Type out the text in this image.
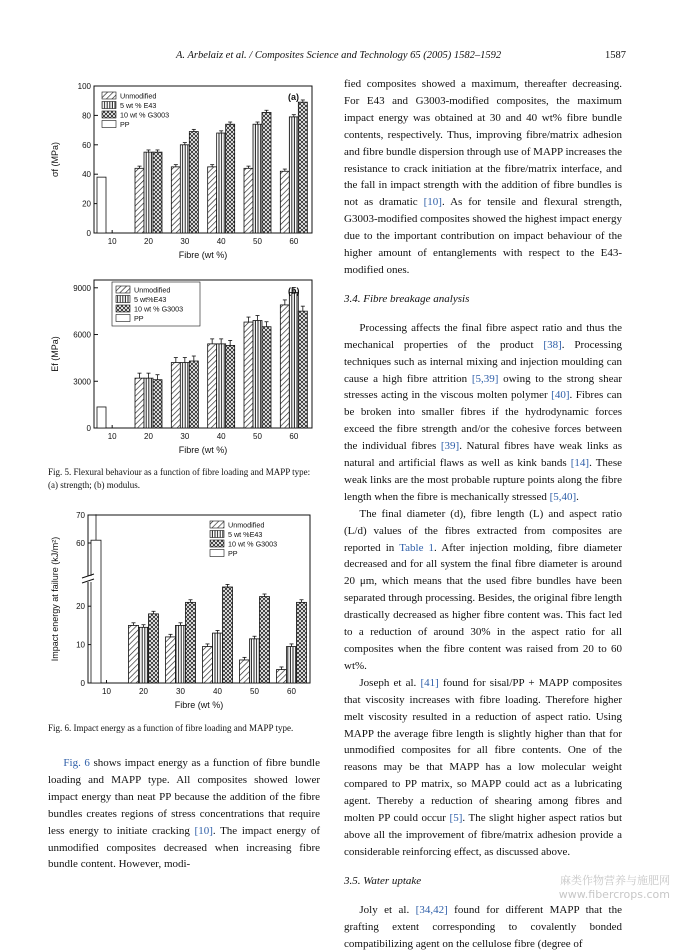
A. Arbelaiz et al. / Composites Science and Technology 65 (2005) 1582–1592	1587
0
20
40
60
80
100
10	20	30	40	50	60
Fibre (wt %)
σf (MPa)
(a)
Unmodified
5 wt % E43
10 wt % G3003
PP
0
3000
6000
9000
10	20	30	40	50	60
Fibre (wt %)
Ef (MPa)
(b)
Unmodified
5 wt%E43
10 wt % G3003
PP
Fig. 5. Flexural behaviour as a function of fibre loading and MAPP type: (a) strength; (b) modulus.
0
10
20
60
70
10	20	30	40	50	60
Fibre (wt %)
Impact energy at failure (kJ/m²)
Unmodified
5 wt %E43
10 wt % G3003
PP
Fig. 6. Impact energy as a function of fibre loading and MAPP type.

Fig. 6 shows impact energy as a function of fibre bundle loading and MAPP type. All composites showed lower impact energy than neat PP because the addition of the fibre bundles creates regions of stress concentrations that require less energy to initiate cracking [10]. The impact energy of unmodified composites decreased when increasing fibre bundle content. However, modi-

fied composites showed a maximum, thereafter decreasing. For E43 and G3003-modified composites, the maximum impact energy was obtained at 30 and 40 wt% fibre bundle contents, respectively. Thus, improving fibre/matrix adhesion and fibre bundle dispersion through use of MAPP increases the resistance to crack initiation at the fibre/matrix interface, and the fall in impact strength with the addition of fibre bundles is not as dramatic [10]. As for tensile and flexural strength, G3003-modified composites showed the highest impact energy due to the important contribution on impact behaviour of the higher amount of entanglements with respect to the E43-modified ones.

3.4. Fibre breakage analysis

Processing affects the final fibre aspect ratio and thus the mechanical properties of the product [38]. Processing techniques such as internal mixing and injection moulding can cause a high fibre attrition [5,39] owing to the strong shear stresses acting in the viscous molten polymer [40]. Fibres can be broken into smaller fibres if the hydrodynamic forces exceed the fibre strength and/or the cohesive forces between the individual fibres [39]. Natural fibres have weak links as natural and artificial flaws as well as kink bands [14]. These weak links are the most probable rupture points along the fibre length when the fibre is mechanically stressed [5,40].

The final diameter (d), fibre length (L) and aspect ratio (L/d) values of the fibres extracted from composites are reported in Table 1. After injection molding, fibre diameter decreased and for all system the final fibre diameter is around 20 μm, which means that the used fibre bundles have been separated through processing. Besides, the original fibre length drastically decreased as higher fibre content was. This fact led to a reduction of around 30% in the aspect ratio for all composites when the fibre content was raised from 20 to 60 wt%.

Joseph et al. [41] found for sisal/PP + MAPP composites that viscosity increases with fibre loading. Therefore higher melt viscosity resulted in a reduction of aspect ratio. Using MAPP the average fibre length is slightly higher than that for unmodified composites for all fibre contents. One of the reasons may be that MAPP has a low molecular weight compared to PP matrix, so MAPP could act as a lubricating agent. Thereby a reduction of shearing among fibres and molten PP could occur [5]. The slight higher aspect ratios but above all the improvement of fibre/matrix adhesion provide a considerable reinforcing effect, as discussed above.

3.5. Water uptake

Joly et al. [34,42] found for different MAPP that the grafting extent corresponding to covalently bonded compatibilizing agent on the cellulose fibre (degree of

麻类作物营养与施肥网
www.fibercrops.com
